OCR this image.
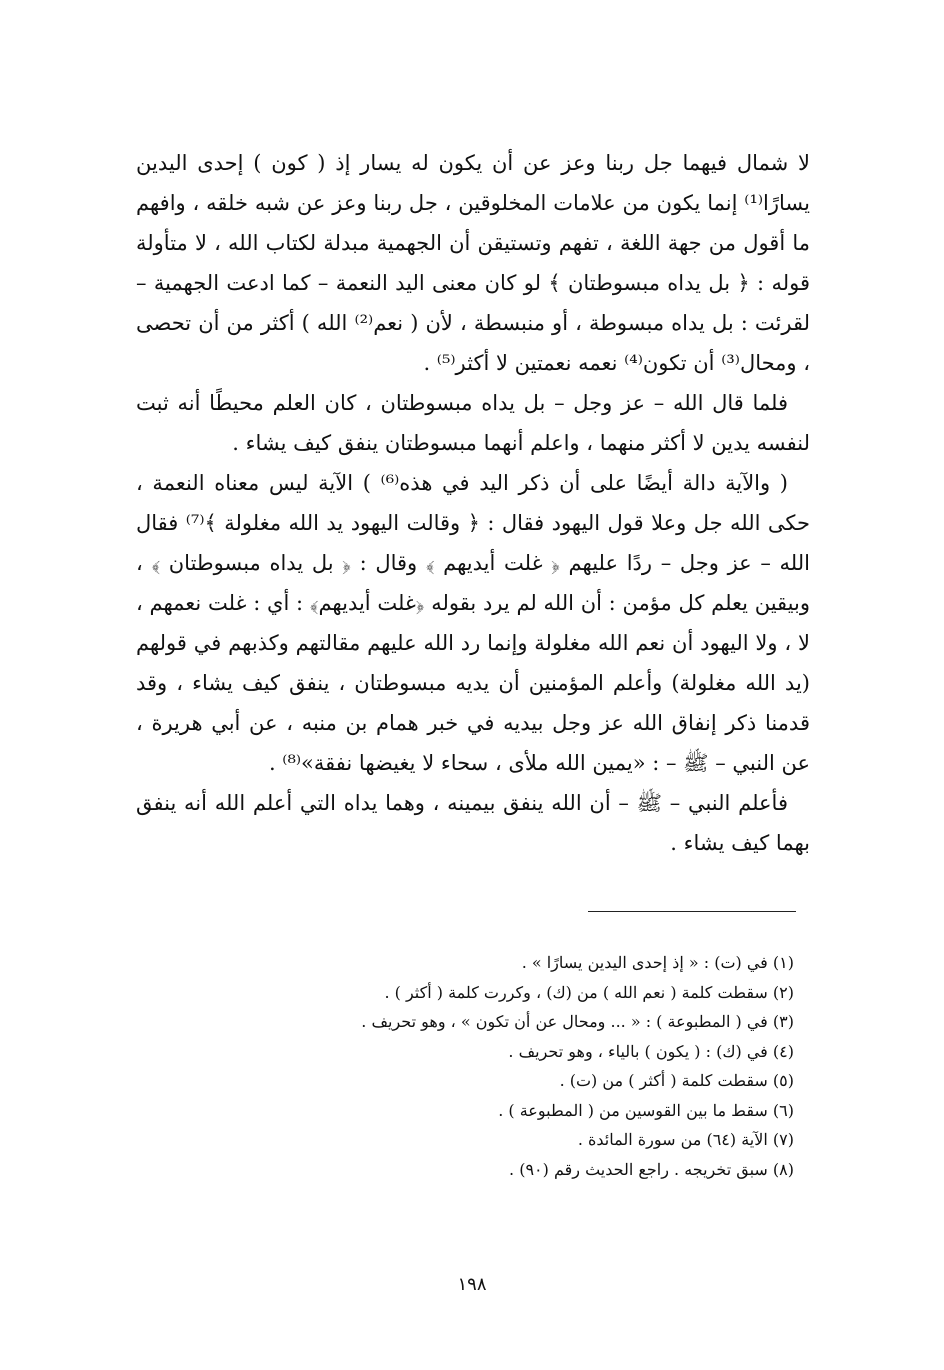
لا شمال فيهما جل ربنا وعز عن أن يكون له يسار إذ ( كون ) إحدى اليدين يسارًا⁽¹⁾ إنما يكون من علامات المخلوقين ، جل ربنا وعز عن شبه خلقه ، وافهم ما أقول من جهة اللغة ، تفهم وتستيقن أن الجهمية مبدلة لكتاب الله ، لا متأولة قوله : ﴿ بل يداه مبسوطتان ﴾ لو كان معنى اليد النعمة – كما ادعت الجهمية – لقرئت : بل يداه مبسوطة ، أو منبسطة ، لأن ( نعم⁽²⁾ الله ) أكثر من أن تحصى ، ومحال⁽³⁾ أن تكون⁽⁴⁾ نعمه نعمتين لا أكثر⁽⁵⁾ .

فلما قال الله – عز وجل – بل يداه مبسوطتان ، كان العلم محيطًا أنه ثبت لنفسه يدين لا أكثر منهما ، واعلم أنهما مبسوطتان ينفق كيف يشاء .

( والآية دالة أيضًا على أن ذكر اليد في هذه⁽⁶⁾ ) الآية ليس معناه النعمة ، حكى الله جل وعلا قول اليهود فقال : ﴿ وقالت اليهود يد الله مغلولة ﴾⁽⁷⁾ فقال الله – عز وجل – ردًا عليهم ﴿ غلت أيديهم ﴾ وقال : ﴿ بل يداه مبسوطتان ﴾ ، وبيقين يعلم كل مؤمن : أن الله لم يرد بقوله ﴿غلت أيديهم﴾ : أي : غلت نعمهم ، لا ، ولا اليهود أن نعم الله مغلولة وإنما رد الله عليهم مقالتهم وكذبهم في قولهم (يد الله مغلولة) وأعلم المؤمنين أن يديه مبسوطتان ، ينفق كيف يشاء ، وقد قدمنا ذكر إنفاق الله عز وجل بيديه في خبر همام بن منبه ، عن أبي هريرة ، عن النبي – ﷺ – : «يمين الله ملأى ، سحاء لا يغيضها نفقة»⁽⁸⁾ .

فأعلم النبي – ﷺ – أن الله ينفق بيمينه ، وهما يداه التي أعلم الله أنه ينفق بهما كيف يشاء .

(١) في (ت) : « إذ إحدى اليدين يسارًا » .
(٢) سقطت كلمة ( نعم الله ) من (ك) ، وكررت كلمة ( أكثر ) .
(٣) في ( المطبوعة ) : « ... ومحال عن أن تكون » ، وهو تحريف .
(٤) في (ك) : ( يكون ) بالياء ، وهو تحريف .
(٥) سقطت كلمة ( أكثر ) من (ت) .
(٦) سقط ما بين القوسين من ( المطبوعة ) .
(٧) الآية (٦٤) من سورة المائدة .
(٨) سبق تخريجه . راجع الحديث رقم (٩٠) .
١٩٨
